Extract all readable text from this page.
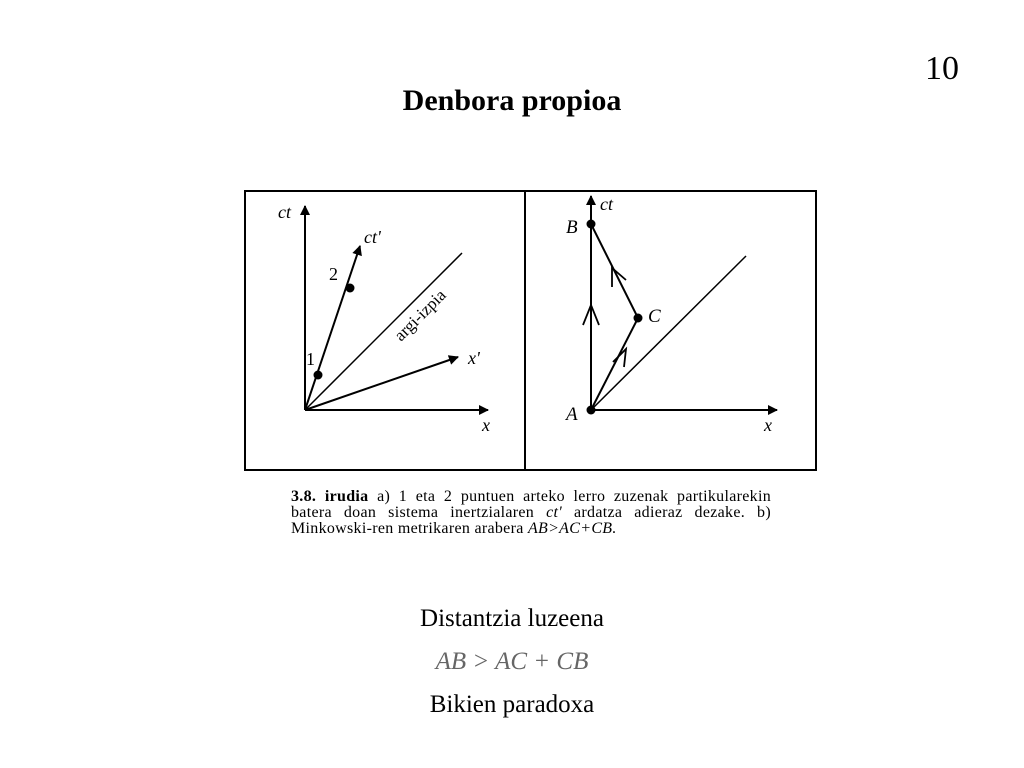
10
Denbora propioa
ct
x
ct'
x'
argi-izpia
1
2
ct
x
A
B
C
3.8. irudia a) 1 eta 2 puntuen arteko lerro zuzenak partikularekin batera doan sistema inertzialaren ct' ardatza adieraz dezake. b) Minkowski-ren metrikaren arabera AB>AC+CB.
Distantzia luzeena
AB > AC + CB
Bikien paradoxa
